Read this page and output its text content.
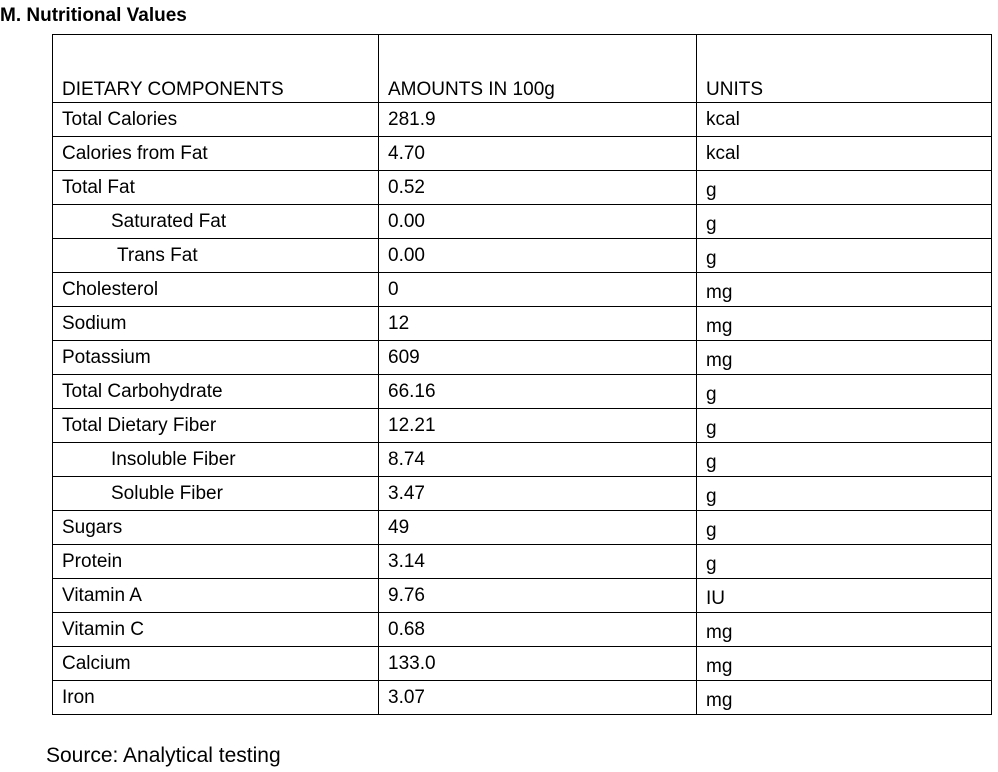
M. Nutritional Values
DIETARY COMPONENTS	AMOUNTS IN 100g	UNITS
Total Calories	281.9	kcal
Calories from Fat	4.70	kcal
Total Fat	0.52	g
Saturated Fat	0.00	g
Trans Fat	0.00	g
Cholesterol	0	mg
Sodium	12	mg
Potassium	609	mg
Total Carbohydrate	66.16	g
Total Dietary Fiber	12.21	g
Insoluble Fiber	8.74	g
Soluble Fiber	3.47	g
Sugars	49	g
Protein	3.14	g
Vitamin A	9.76	IU
Vitamin C	0.68	mg
Calcium	133.0	mg
Iron	3.07	mg

Source: Analytical testing
